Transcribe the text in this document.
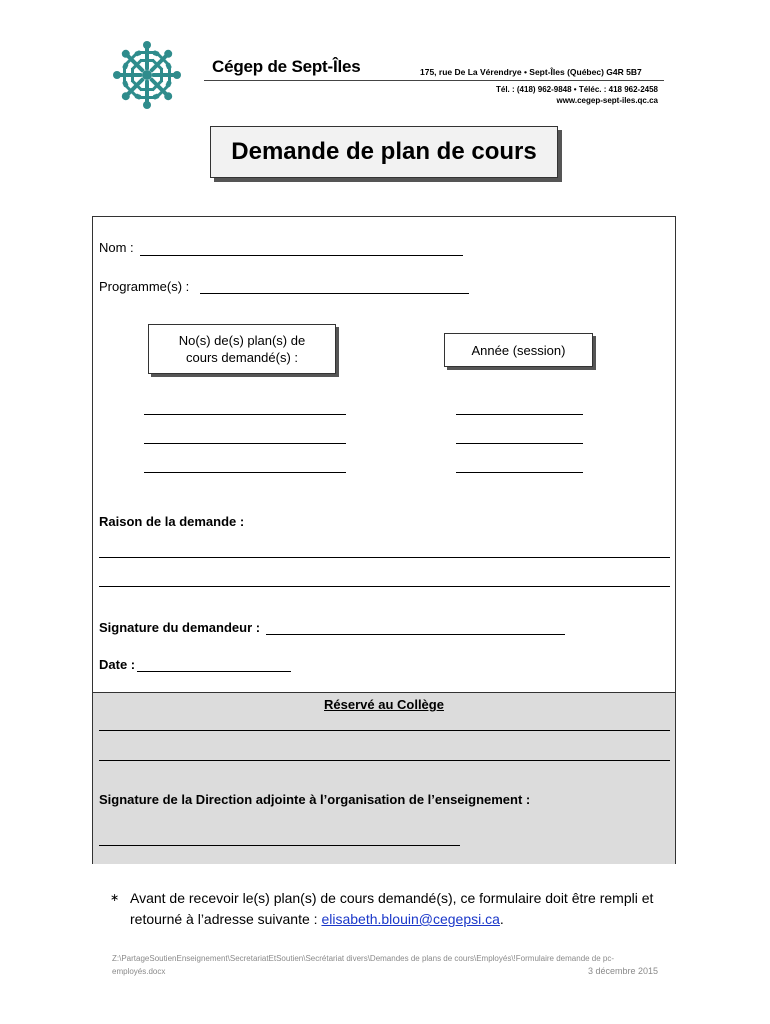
Cégep de Sept-Îles	175, rue De La Vérendrye • Sept-Îles (Québec) G4R 5B7
Tél. : (418) 962-9848 • Téléc. : 418 962-2458
www.cegep-sept-iles.qc.ca
Demande de plan de cours
Nom :
Programme(s) :
No(s) de(s) plan(s) de cours demandé(s) :	Année (session)
Raison de la demande :
Signature du demandeur :
Date :
Réservé au Collège
Signature de la Direction adjointe à l’organisation de l’enseignement :
∗ Avant de recevoir le(s) plan(s) de cours demandé(s), ce formulaire doit être rempli et retourné à l’adresse suivante : elisabeth.blouin@cegepsi.ca.
Z:\PartageSoutienEnseignement\SecretariatEtSoutien\Secrétariat divers\Demandes de plans de cours\Employés\!Formulaire demande de pc-employés.docx	3 décembre 2015
